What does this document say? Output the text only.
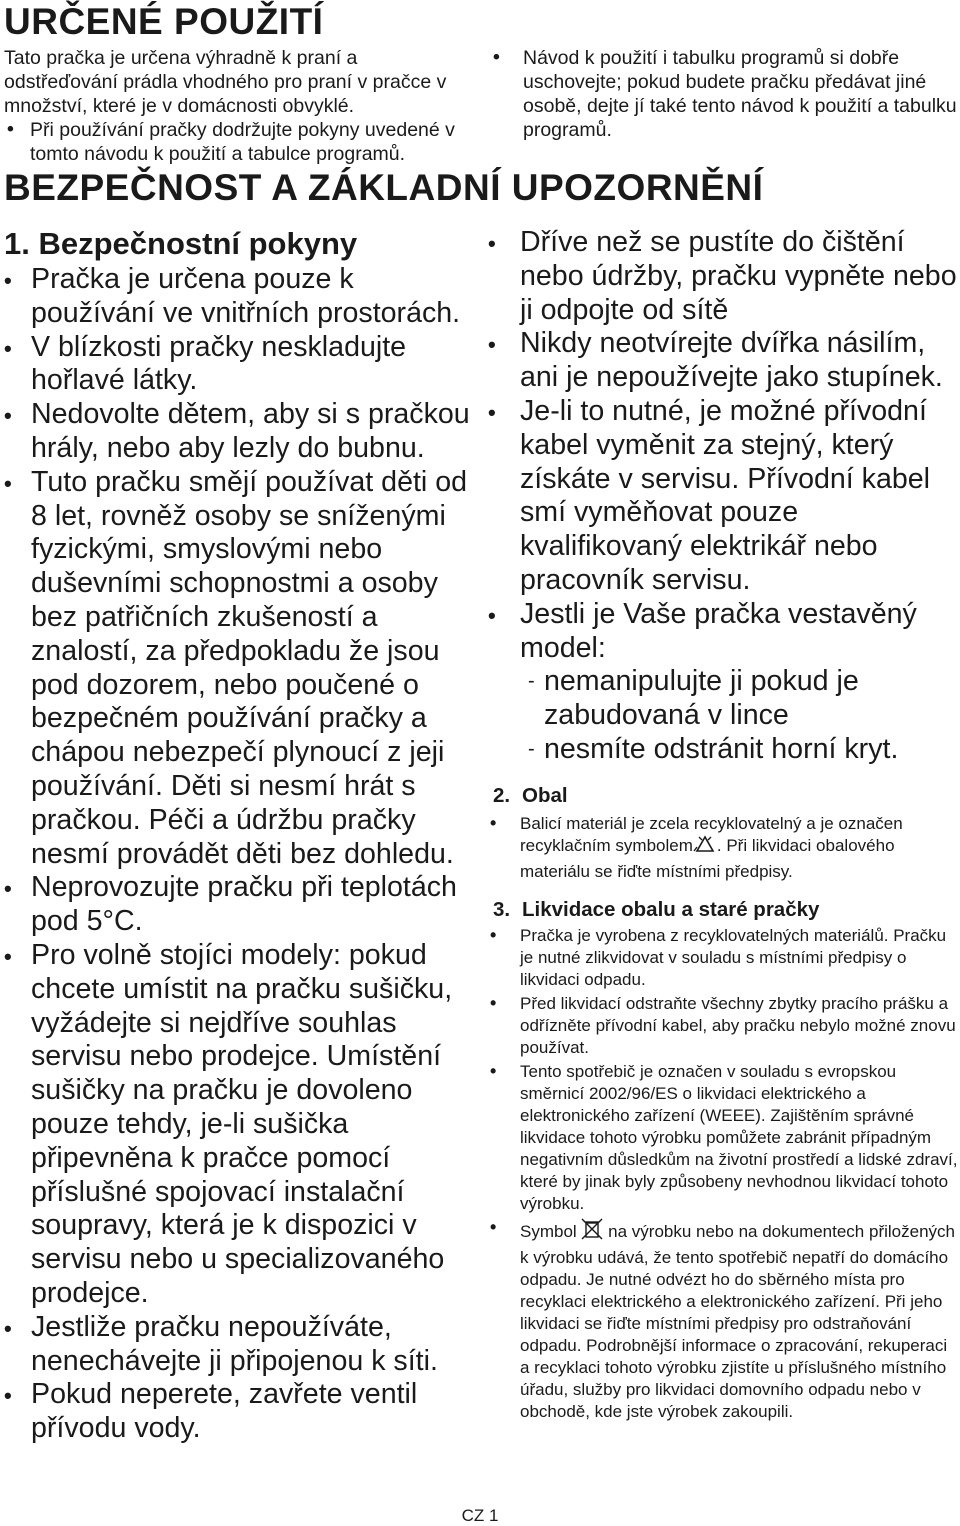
URČENÉ POUŽITÍ

Tato pračka je určena výhradně k praní a odstřeďování prádla vhodného pro praní v pračce v množství, které je v domácnosti obvyklé.

• Při používání pračky dodržujte pokyny uvedené v tomto návodu k použití a tabulce programů.
• Návod k použití i tabulku programů si dobře uschovejte; pokud budete pračku předávat jiné osobě, dejte jí také tento návod k použití a tabulku programů.
BEZPEČNOST A ZÁKLADNÍ UPOZORNĚNÍ
1. Bezpečnostní pokyny
• Pračka je určena pouze k používání ve vnitřních prostorách.
• V blízkosti pračky neskladujte hořlavé látky.
• Nedovolte dětem, aby si s pračkou hrály, nebo aby lezly do bubnu.
• Tuto pračku smějí používat děti od 8 let, rovněž osoby se sníženými fyzickými, smyslovými nebo duševními schopnostmi a osoby bez patřičních zkušeností a znalostí, za předpokladu že jsou pod dozorem, nebo poučené o bezpečném používání pračky a chápou nebezpečí plynoucí z jeji používání. Děti si nesmí hrát s pračkou. Péči a údržbu pračky nesmí provádět děti bez dohledu.
• Neprovozujte pračku při teplotách pod 5°C.
• Pro volně stojíci modely: pokud chcete umístit na pračku sušičku, vyžádejte si nejdříve souhlas servisu nebo prodejce. Umístění sušičky na pračku je dovoleno pouze tehdy, je-li sušička připevněna k pračce pomocí příslušné spojovací instalační soupravy, která je k dispozici v servisu nebo u specializovaného prodejce.
• Jestliže pračku nepoužíváte, nenechávejte ji připojenou k síti.
• Pokud neperete, zavřete ventil přívodu vody.
• Dříve než se pustíte do čištění nebo údržby, pračku vypněte nebo ji odpojte od sítě
• Nikdy neotvírejte dvířka násilím, ani je nepoužívejte jako stupínek.
• Je-li to nutné, je možné přívodní kabel vyměnit za stejný, který získáte v servisu. Přívodní kabel smí vyměňovat pouze kvalifikovaný elektrikář nebo pracovník servisu.
• Jestli je Vaše pračka vestavěný model:
- nemanipulujte ji pokud je zabudovaná v lince
- nesmíte odstránit horní kryt.
2. Obal
• Balicí materiál je zcela recyklovatelný a je označen recyklačním symbolem . Při likvidaci obalového materiálu se řiďte místními předpisy.
3. Likvidace obalu a staré pračky
• Pračka je vyrobena z recyklovatelných materiálů. Pračku je nutné zlikvidovat v souladu s místními předpisy o likvidaci odpadu.
• Před likvidací odstraňte všechny zbytky pracího prášku a odřízněte přívodní kabel, aby pračku nebylo možné znovu používat.
• Tento spotřebič je označen v souladu s evropskou směrnicí 2002/96/ES o likvidaci elektrického a elektronického zařízení (WEEE). Zajištěním správné likvidace tohoto výrobku pomůžete zabránit případným negativním důsledkům na životní prostředí a lidské zdraví, které by jinak byly způsobeny nevhodnou likvidací tohoto výrobku.
• Symbol  na výrobku nebo na dokumentech přiložených k výrobku udává, že tento spotřebič nepatří do domácího odpadu. Je nutné odvézt ho do sběrného místa pro recyklaci elektrického a elektronického zařízení. Při jeho likvidaci se řiďte místními předpisy pro odstraňování odpadu. Podrobnější informace o zpracování, rekuperaci a recyklaci tohoto výrobku zjistíte u příslušného místního úřadu, služby pro likvidaci domovního odpadu nebo v obchodě, kde jste výrobek zakoupili.
CZ 1
